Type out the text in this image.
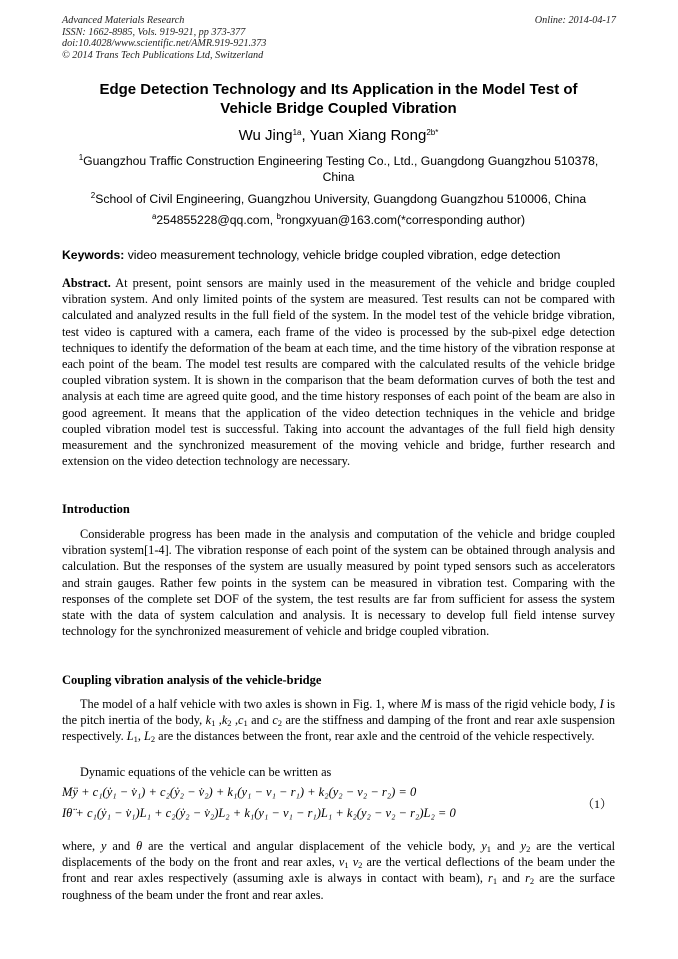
Advanced Materials Research
ISSN: 1662-8985, Vols. 919-921, pp 373-377
doi:10.4028/www.scientific.net/AMR.919-921.373
© 2014 Trans Tech Publications Ltd, Switzerland
Online: 2014-04-17
Edge Detection Technology and Its Application in the Model Test of
Vehicle Bridge Coupled Vibration
Wu Jing$^{1a}$, Yuan Xiang Rong$^{2b*}$
$^1$Guangzhou Traffic Construction Engineering Testing Co., Ltd., Guangdong Guangzhou 510378,
China
$^2$School of Civil Engineering, Guangzhou University, Guangdong Guangzhou 510006, China
$^a$254855228@qq.com, $^b$rongxyuan@163.com(*corresponding author)
Keywords: video measurement technology, vehicle bridge coupled vibration, edge detection
Abstract. At present, point sensors are mainly used in the measurement of the vehicle and bridge coupled vibration system. And only limited points of the system are measured. Test results can not be compared with calculated and analyzed results in the full field of the system. In the model test of the vehicle bridge vibration, test video is captured with a camera, each frame of the video is processed by the sub-pixel edge detection techniques to identify the deformation of the beam at each time, and the time history of the vibration response at each point of the beam. The model test results are compared with the calculated results of the vehicle bridge coupled vibration system. It is shown in the comparison that the beam deformation curves of both the test and analysis at each time are agreed quite good, and the time history responses of each point of the beam are also in good agreement. It means that the application of the video detection techniques in the vehicle and bridge coupled vibration model test is successful. Taking into account the advantages of the full field high density measurement and the synchronized measurement of the moving vehicle and bridge, further research and extension on the video detection technology are necessary.
Introduction
Considerable progress has been made in the analysis and computation of the vehicle and bridge coupled vibration system[1-4]. The vibration response of each point of the system can be obtained through analysis and calculation. But the responses of the system are usually measured by point typed sensors such as accelerators and strain gauges. Rather few points in the system can be measured in vibration test. Comparing with the responses of the complete set DOF of the system, the test results are far from sufficient for assess the system state with the data of system calculation and analysis. It is necessary to develop full field intense survey technology for the synchronized measurement of vehicle and bridge coupled vibration.
Coupling vibration analysis of the vehicle-bridge
The model of a half vehicle with two axles is shown in Fig. 1, where M is mass of the rigid vehicle body, I is the pitch inertia of the body, $k_1$ $,k_2$ $,c_1$ and $c_2$ are the stiffness and damping of the front and rear axle suspension respectively. $L_1$, $L_2$ are the distances between the front, rear axle and the centroid of the vehicle respectively.
Dynamic equations of the vehicle can be written as
Mÿ + c₁(ẏ₁ − v̇₁) + c₂(ẏ₂ − v̇₂) + k₁(y₁ − v₁ − r₁) + k₂(y₂ − v₂ − r₂) = 0
Iθ̈ + c₁(ẏ₁ − v̇₁)L₁ + c₂(ẏ₂ − v̇₂)L₂ + k₁(y₁ − v₁ − r₁)L₁ + k₂(y₂ − v₂ − r₂)L₂ = 0
（1）
where, y and θ are the vertical and angular displacement of the vehicle body, $y_1$ and $y_2$ are the vertical displacements of the body on the front and rear axles, $v_1$ $v_2$ are the vertical deflections of the beam under the front and rear axles respectively (assuming axle is always in contact with beam), $r_1$ and $r_2$ are the surface roughness of the beam under the front and rear axles.
